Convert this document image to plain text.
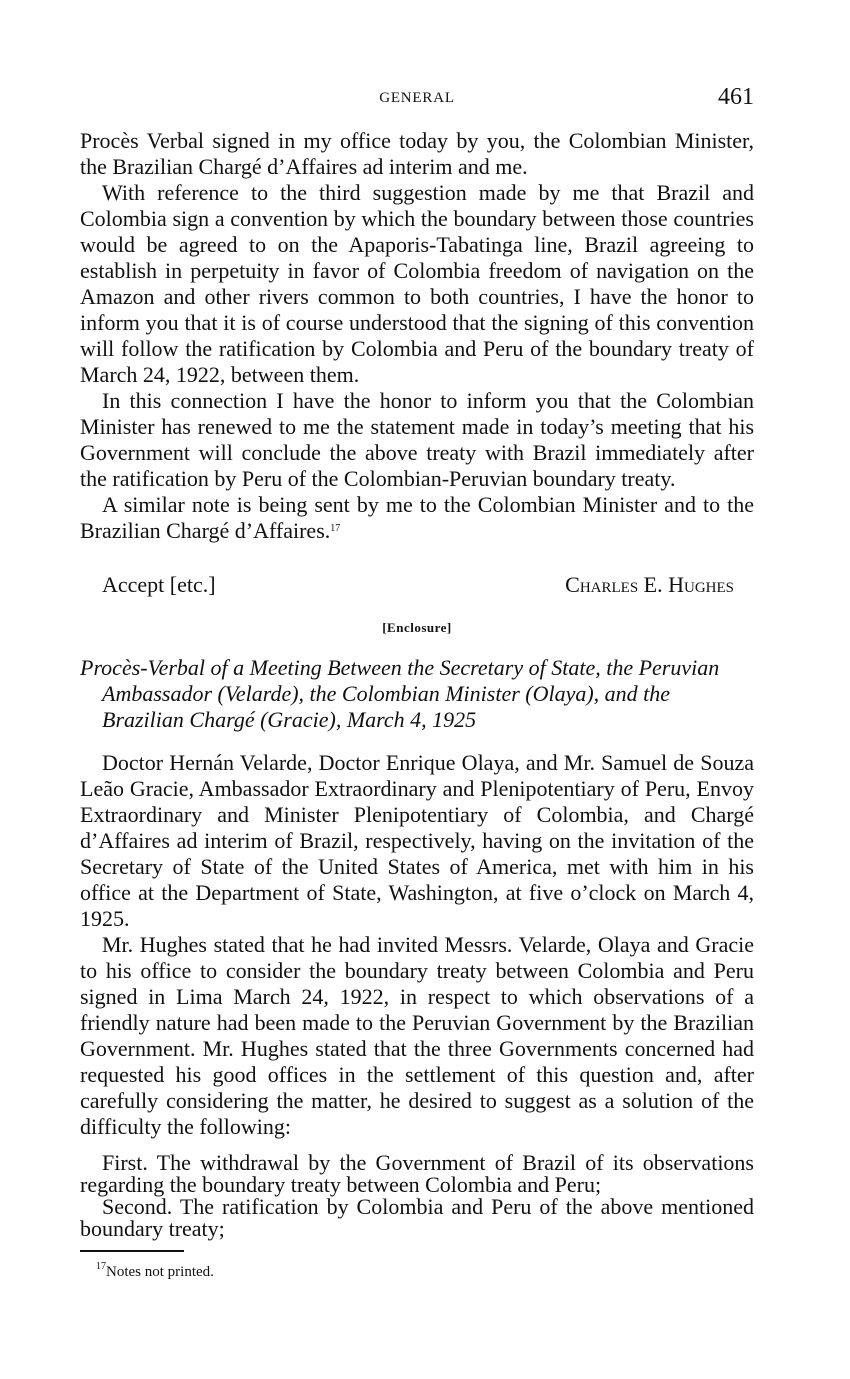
GENERAL	461

Procès Verbal signed in my office today by you, the Colombian Minister, the Brazilian Chargé d’Affaires ad interim and me.

With reference to the third suggestion made by me that Brazil and Colombia sign a convention by which the boundary between those countries would be agreed to on the Apaporis-Tabatinga line, Brazil agreeing to establish in perpetuity in favor of Colombia freedom of navigation on the Amazon and other rivers common to both countries, I have the honor to inform you that it is of course understood that the signing of this convention will follow the ratification by Colombia and Peru of the boundary treaty of March 24, 1922, between them.

In this connection I have the honor to inform you that the Colombian Minister has renewed to me the statement made in today’s meeting that his Government will conclude the above treaty with Brazil immediately after the ratification by Peru of the Colombian-Peruvian boundary treaty.

A similar note is being sent by me to the Colombian Minister and to the Brazilian Chargé d’Affaires.$^{17}$

Accept [etc.]	Charles E. Hughes
[Enclosure]
Procès-Verbal of a Meeting Between the Secretary of State, the Peruvian Ambassador (Velarde), the Colombian Minister (Olaya), and the Brazilian Chargé (Gracie), March 4, 1925

Doctor Hernán Velarde, Doctor Enrique Olaya, and Mr. Samuel de Souza Leão Gracie, Ambassador Extraordinary and Plenipotentiary of Peru, Envoy Extraordinary and Minister Plenipotentiary of Colombia, and Chargé d’Affaires ad interim of Brazil, respectively, having on the invitation of the Secretary of State of the United States of America, met with him in his office at the Department of State, Washington, at five o’clock on March 4, 1925.

Mr. Hughes stated that he had invited Messrs. Velarde, Olaya and Gracie to his office to consider the boundary treaty between Colombia and Peru signed in Lima March 24, 1922, in respect to which observations of a friendly nature had been made to the Peruvian Government by the Brazilian Government. Mr. Hughes stated that the three Governments concerned had requested his good offices in the settlement of this question and, after carefully considering the matter, he desired to suggest as a solution of the difficulty the following:

First. The withdrawal by the Government of Brazil of its observations regarding the boundary treaty between Colombia and Peru;

Second. The ratification by Colombia and Peru of the above mentioned boundary treaty;

$^{17}$Notes not printed.
